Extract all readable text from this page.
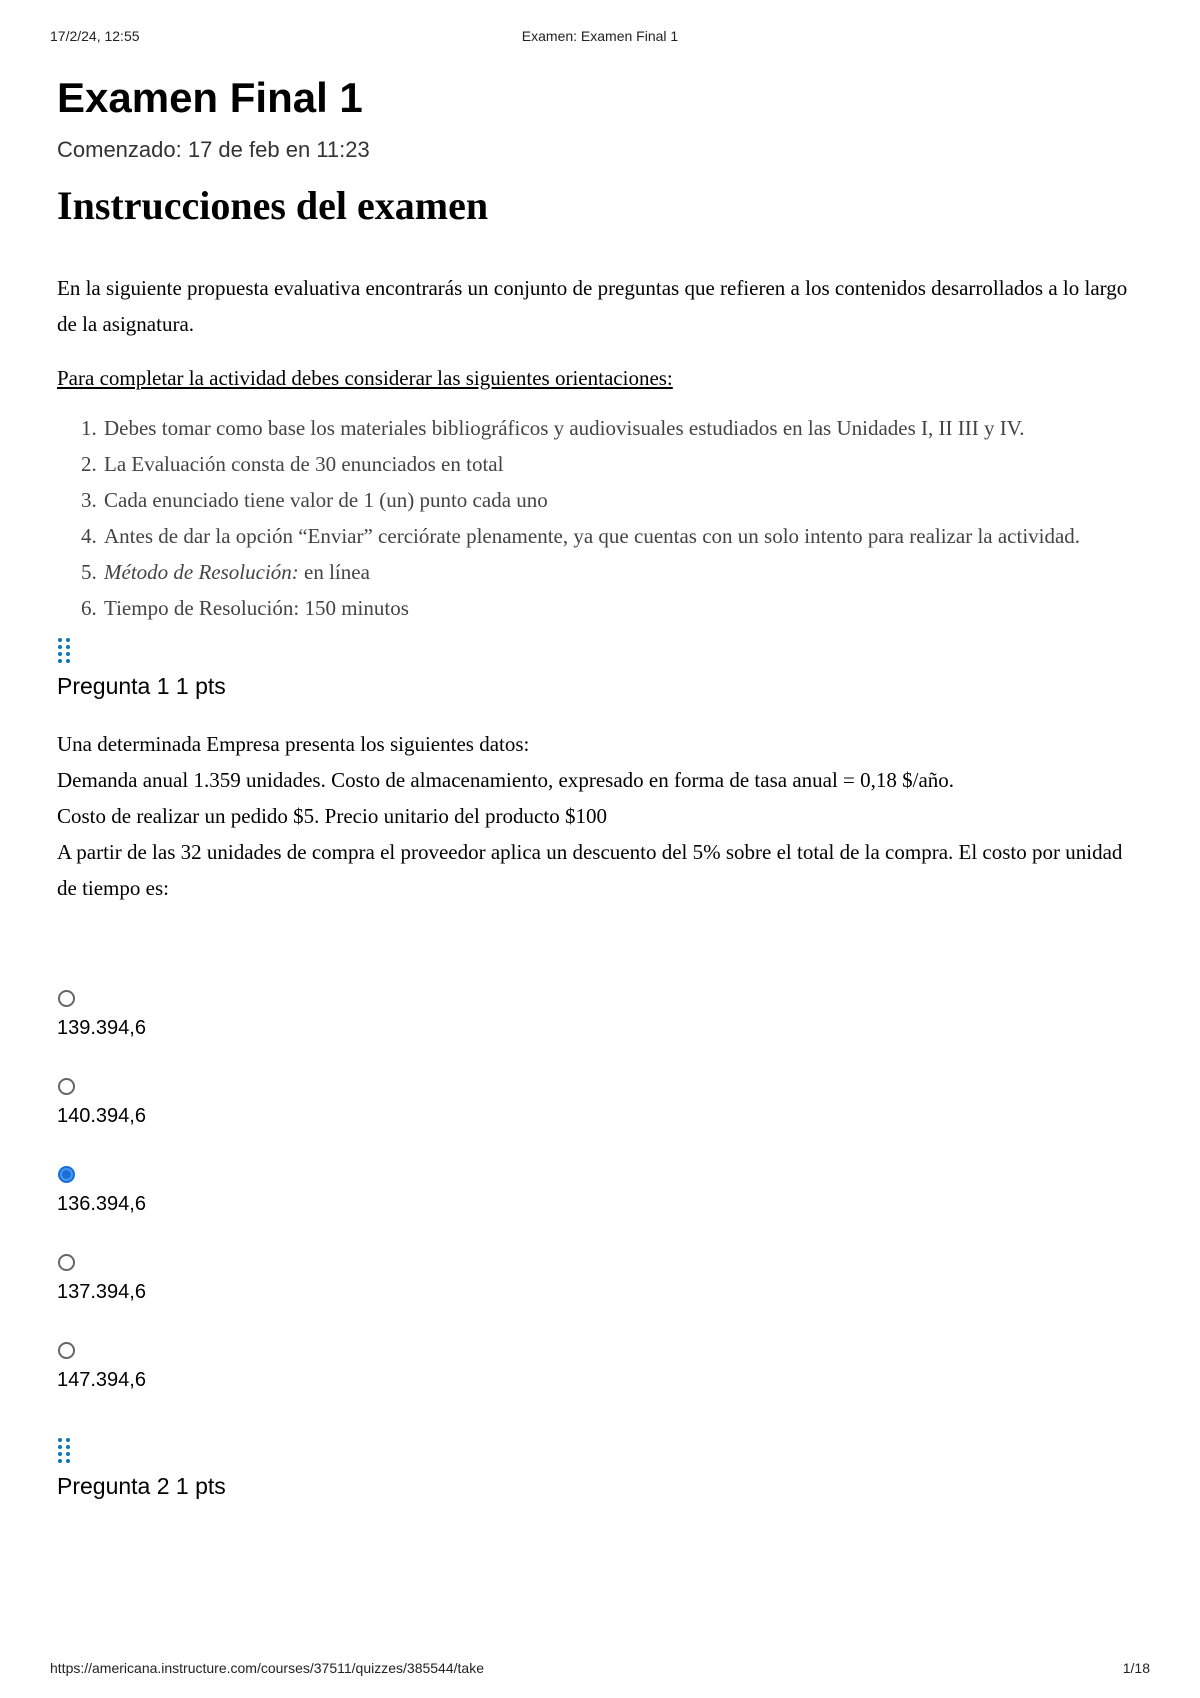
17/2/24, 12:55	Examen: Examen Final 1
Examen Final 1
Comenzado: 17 de feb en 11:23
Instrucciones del examen
En la siguiente propuesta evaluativa encontrarás un conjunto de preguntas que refieren a los contenidos desarrollados a lo largo de la asignatura.
Para completar la actividad debes considerar las siguientes orientaciones:
1. Debes tomar como base los materiales bibliográficos y audiovisuales estudiados en las Unidades I, II III y IV.
2. La Evaluación consta de 30 enunciados en total
3. Cada enunciado tiene valor de 1 (un) punto cada uno
4. Antes de dar la opción “Enviar” cerciórate plenamente, ya que cuentas con un solo intento para realizar la actividad.
5. Método de Resolución: en línea
6. Tiempo de Resolución: 150 minutos
Pregunta 1 1 pts
Una determinada Empresa presenta los siguientes datos:
Demanda anual 1.359 unidades. Costo de almacenamiento, expresado en forma de tasa anual = 0,18 $/año.
Costo de realizar un pedido $5. Precio unitario del producto $100
A partir de las 32 unidades de compra el proveedor aplica un descuento del 5% sobre el total de la compra. El costo por unidad de tiempo es:
139.394,6
140.394,6
136.394,6
137.394,6
147.394,6
Pregunta 2 1 pts
https://americana.instructure.com/courses/37511/quizzes/385544/take	1/18
